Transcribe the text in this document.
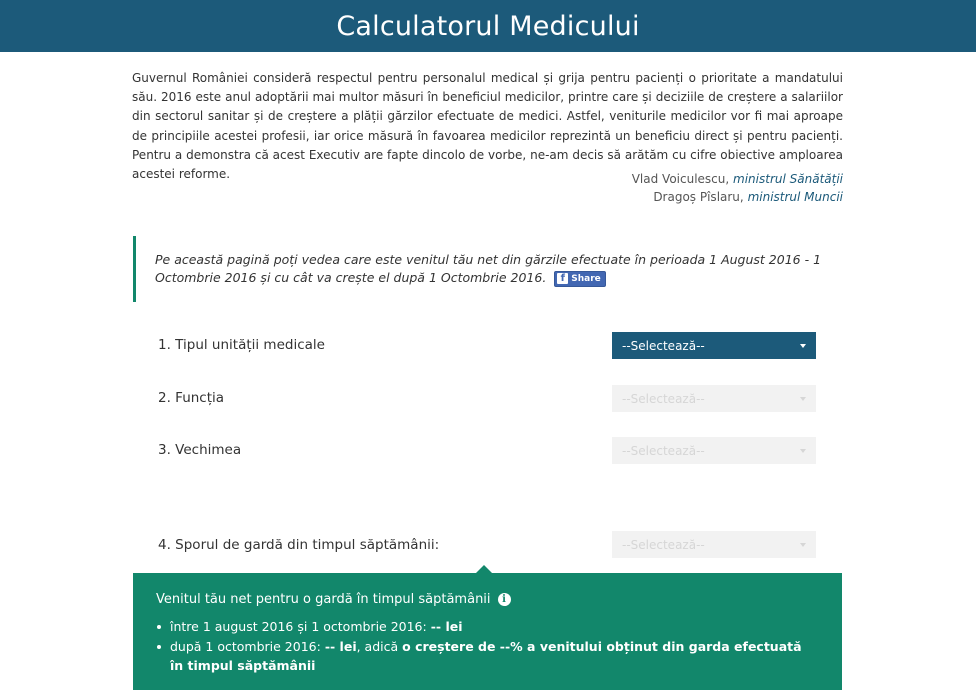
Calculatorul Medicului

Guvernul României consideră respectul pentru personalul medical și grija pentru pacienți o prioritate a mandatului său. 2016 este anul adoptării mai multor măsuri în beneficiul medicilor, printre care și deciziile de creștere a salariilor din sectorul sanitar și de creștere a plății gărzilor efectuate de medici. Astfel, veniturile medicilor vor fi mai aproape de principiile acestei profesii, iar orice măsură în favoarea medicilor reprezintă un beneficiu direct și pentru pacienți. Pentru a demonstra că acest Executiv are fapte dincolo de vorbe, ne-am decis să arătăm cu cifre obiective amploarea acestei reforme.	Vlad Voiculescu, ministrul Sănătății
Dragoș Pîslaru, ministrul Muncii
Pe această pagină poți vedea care este venitul tău net din gărzile efectuate în perioada 1 August 2016 - 1 Octombrie 2016 și cu cât va crește el după 1 Octombrie 2016.	f Share
1. Tipul unității medicale	--Selectează--
2. Funcția	--Selectează--
3. Vechimea	--Selectează--
4. Sporul de gardă din timpul săptămânii:	--Selectează--
Venitul tău net pentru o gardă în timpul săptămânii	i
între 1 august 2016 și 1 octombrie 2016: -- lei
după 1 octombrie 2016: -- lei, adică o creștere de --% a venitului obținut din garda efectuată în timpul săptămânii
